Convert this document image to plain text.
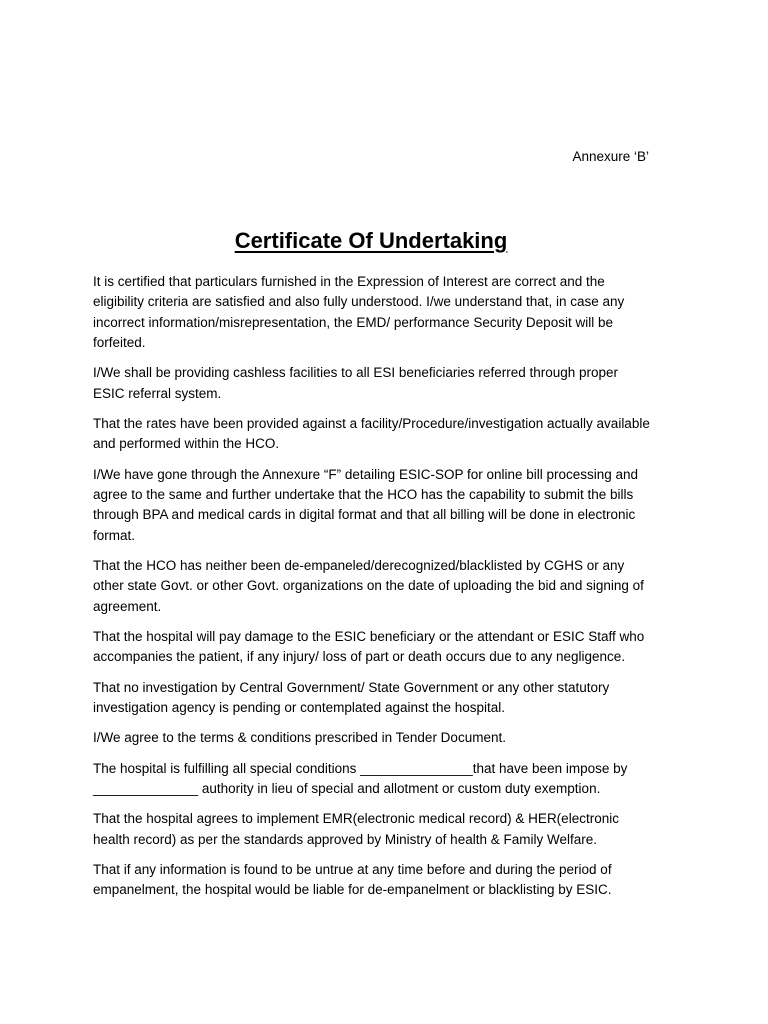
Annexure ‘B’
Certificate Of Undertaking

It is certified that particulars furnished in the Expression of Interest are correct and the eligibility criteria are satisfied and also fully understood. I/we understand that, in case any incorrect information/misrepresentation, the EMD/ performance Security Deposit will be forfeited.

I/We shall be providing cashless facilities to all ESI beneficiaries referred through proper ESIC referral system.

That the rates have been provided against a facility/Procedure/investigation actually available and performed within the HCO.

I/We have gone through the Annexure “F” detailing ESIC-SOP for online bill processing and agree to the same and further undertake that the HCO has the capability to submit the bills through BPA and medical cards in digital format and that all billing will be done in electronic format.

That the HCO has neither been de-empaneled/derecognized/blacklisted by CGHS or any other state Govt. or other Govt. organizations on the date of uploading the bid and signing of agreement.

That the hospital will pay damage to the ESIC beneficiary or the attendant or ESIC Staff who accompanies the patient, if any injury/ loss of part or death occurs due to any negligence.

That no investigation by Central Government/ State Government or any other statutory investigation agency is pending or contemplated against the hospital.

I/We agree to the terms & conditions prescribed in Tender Document.

The hospital is fulfilling all special conditions _______________that have been impose by ______________ authority in lieu of special and allotment or custom duty exemption.

That the hospital agrees to implement EMR(electronic medical record) & HER(electronic health record) as per the standards approved by Ministry of health & Family Welfare.

That if any information is found to be untrue at any time before and during the period of empanelment, the hospital would be liable for de-empanelment or blacklisting by ESIC.
